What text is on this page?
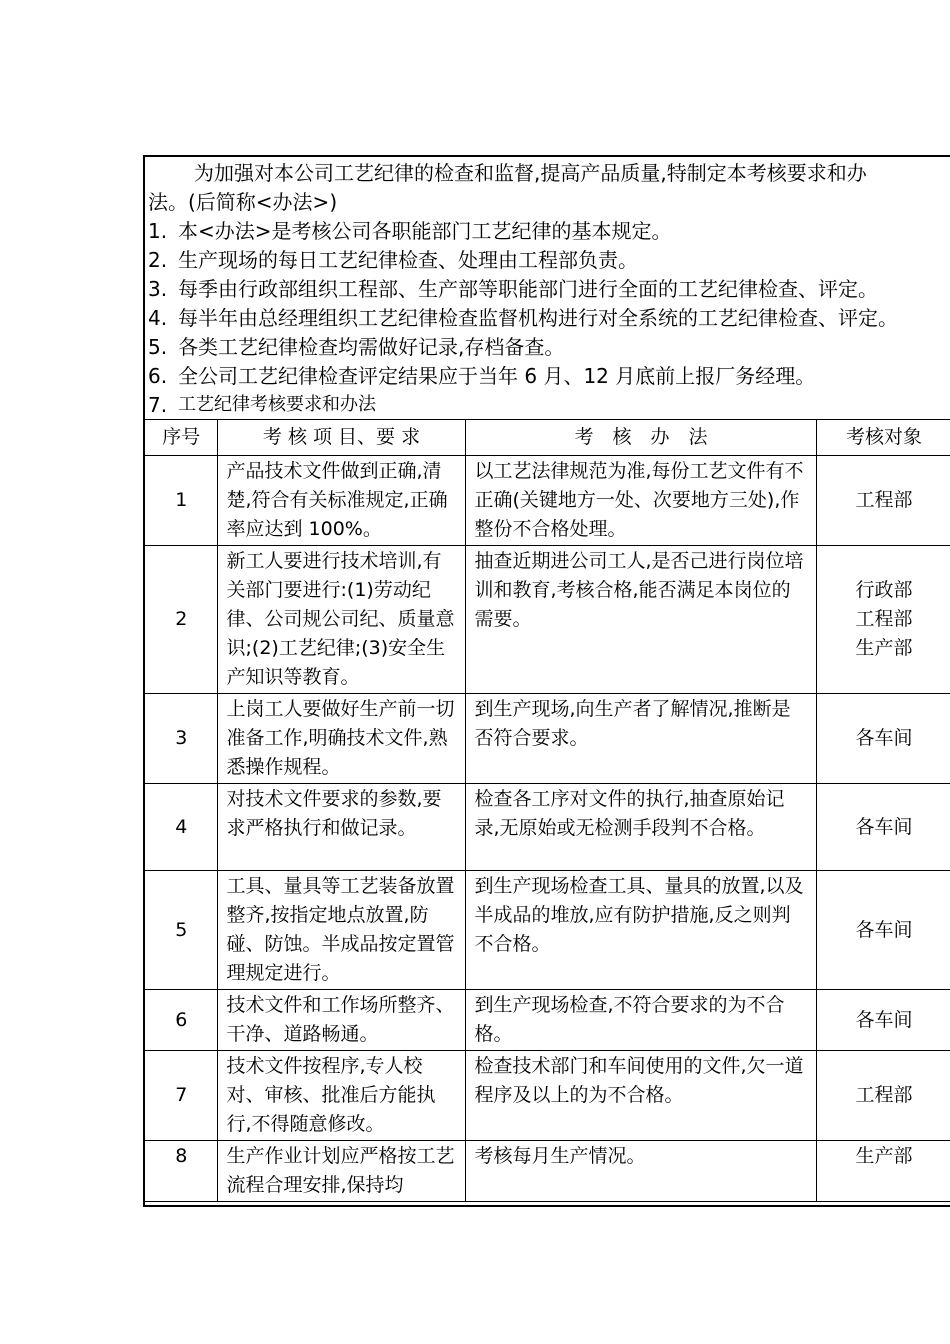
为加强对本公司工艺纪律的检查和监督,提高产品质量,特制定本考核要求和办
法。(后简称<办法>)
1. 本<办法>是考核公司各职能部门工艺纪律的基本规定。
2. 生产现场的每日工艺纪律检查、处理由工程部负责。
3. 每季由行政部组织工程部、生产部等职能部门进行全面的工艺纪律检查、评定。
4. 每半年由总经理组织工艺纪律检查监督机构进行对全系统的工艺纪律检查、评定。
5. 各类工艺纪律检查均需做好记录,存档备查。
6. 全公司工艺纪律检查评定结果应于当年 6 月、12 月底前上报厂务经理。
7. 工艺纪律考核要求和办法
序号	考 核 项 目、要 求	考　核　办　法	考核对象
1	产品技术文件做到正确,清楚,符合有关标准规定,正确率应达到 100%。	以工艺法律规范为准,每份工艺文件有不正确(关键地方一处、次要地方三处),作整份不合格处理。	工程部

2	新工人要进行技术培训,有关部门要进行:(1)劳动纪律、公司规公司纪、质量意识;(2)工艺纪律;(3)安全生产知识等教育。	抽查近期进公司工人,是否己进行岗位培训和教育,考核合格,能否满足本岗位的需要。	行政部
工程部
生产部

3	上岗工人要做好生产前一切准备工作,明确技术文件,熟悉操作规程。	到生产现场,向生产者了解情况,推断是否符合要求。	各车间

4	对技术文件要求的参数,要求严格执行和做记录。	检查各工序对文件的执行,抽查原始记录,无原始或无检测手段判不合格。	各车间

5	工具、量具等工艺装备放置整齐,按指定地点放置,防碰、防蚀。半成品按定置管理规定进行。	到生产现场检查工具、量具的放置,以及半成品的堆放,应有防护措施,反之则判不合格。	各车间

6	技术文件和工作场所整齐、干净、道路畅通。	到生产现场检查,不符合要求的为不合格。	各车间

7	技术文件按程序,专人校对、审核、批准后方能执行,不得随意修改。	检查技术部门和车间使用的文件,欠一道程序及以上的为不合格。	工程部

8	生产作业计划应严格按工艺流程合理安排,保持均	考核每月生产情况。	生产部
